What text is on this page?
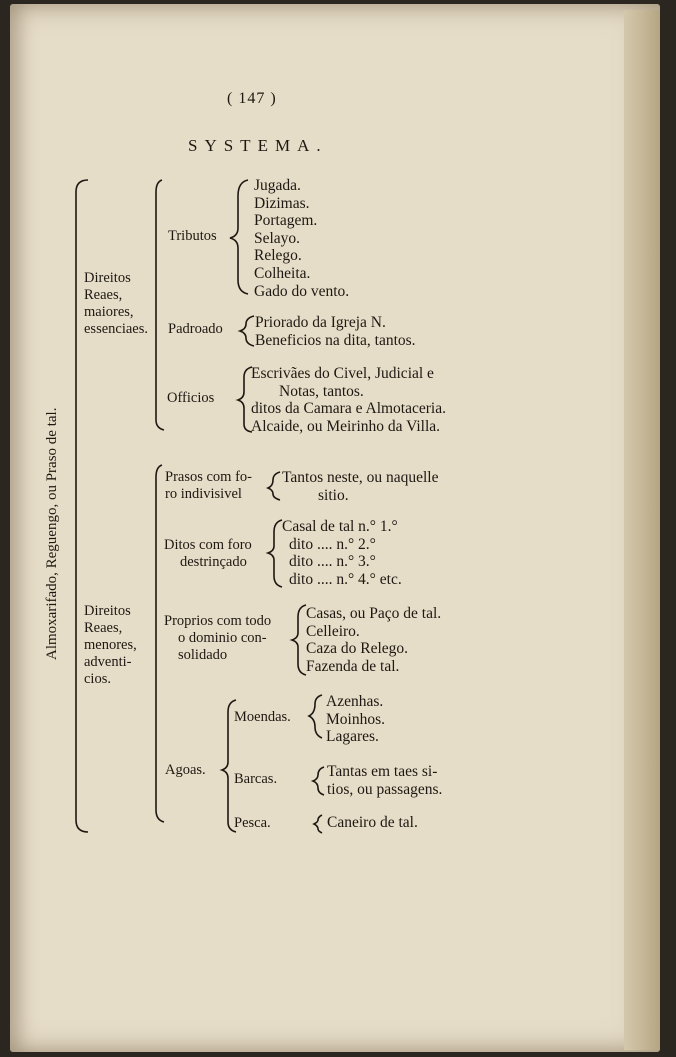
( 147 )
SYSTEMA.
Almoxarifado, Reguengo, ou Praso de tal.
Direitos
Reaes,
maiores,
essenciaes.
Tributos
Jugada.
Dizimas.
Portagem.
Selayo.
Relego.
Colheita.
Gado do vento.
Padroado Priorado da Igreja N.
Beneficios na dita, tantos.
Officios
Escrivães do Civel, Judicial e
Notas, tantos.
ditos da Camara e Almotaceria.
Alcaide, ou Meirinho da Villa.
Direitos
Reaes,
menores,
adventi-
cios.
Prasos com fo-
ro indivisivel
Tantos neste, ou naquelle
sitio.
Ditos com foro
destrinçado
Casal de tal n.° 1.°
dito .... n.° 2.°
dito .... n.° 3.°
dito .... n.° 4.° etc.
Proprios com todo
o dominio con-
solidado
Casas, ou Paço de tal.
Celleiro.
Caza do Relego.
Fazenda de tal.
Agoas.
Moendas.
Azenhas.
Moinhos.
Lagares.
Barcas.	Tantas em taes si-
tios, ou passagens.
Pesca.	Caneiro de tal.
